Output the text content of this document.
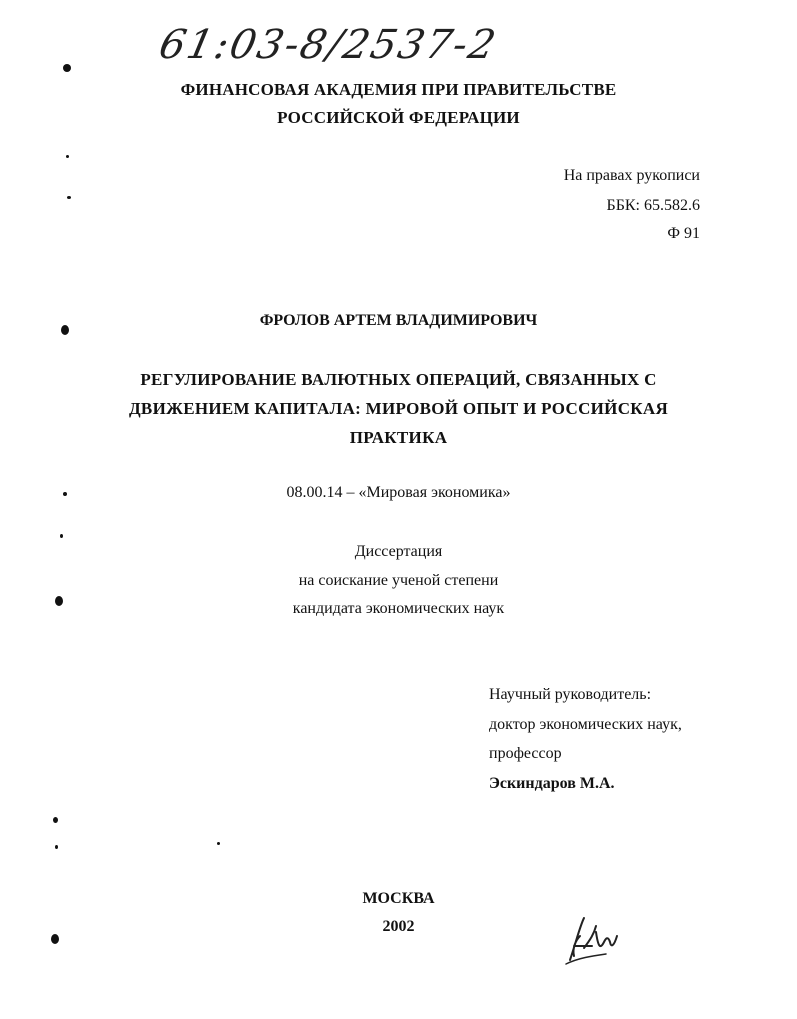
61:03-8/2537-2
ФИНАНСОВАЯ АКАДЕМИЯ ПРИ ПРАВИТЕЛЬСТВЕ
РОССИЙСКОЙ ФЕДЕРАЦИИ
На правах рукописи
ББК: 65.582.6
Ф 91
ФРОЛОВ АРТЕМ ВЛАДИМИРОВИЧ
РЕГУЛИРОВАНИЕ ВАЛЮТНЫХ ОПЕРАЦИЙ, СВЯЗАННЫХ С
ДВИЖЕНИЕМ КАПИТАЛА: МИРОВОЙ ОПЫТ И РОССИЙСКАЯ
ПРАКТИКА
08.00.14 – «Мировая экономика»
Диссертация
на соискание ученой степени
кандидата экономических наук
Научный руководитель:
доктор экономических наук,
профессор
Эскиндаров М.А.
МОСКВА
2002
